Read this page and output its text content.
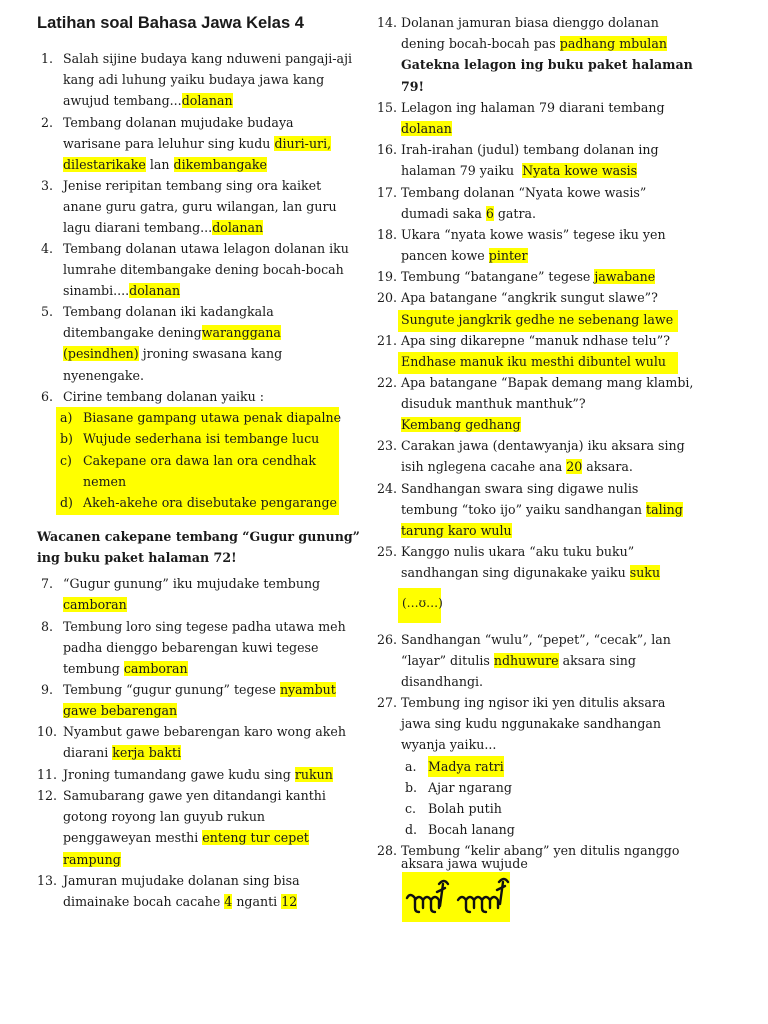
Latihan soal Bahasa Jawa Kelas 4
1. Salah sijine budaya kang nduweni pangaji-aji
kang adi luhung yaiku budaya jawa kang
awujud tembang...dolanan
2. Tembang dolanan mujudake budaya
warisane para leluhur sing kudu diuri-uri,
dilestarikake lan dikembangake
3. Jenise reripitan tembang sing ora kaiket
anane guru gatra, guru wilangan, lan guru
lagu diarani tembang...dolanan
4. Tembang dolanan utawa lelagon dolanan iku
lumrahe ditembangake dening bocah-bocah
sinambi....dolanan
5. Tembang dolanan iki kadangkala
ditembangake deningwaranggana
(pesindhen) jroning swasana kang
nyenengake.
6. Cirine tembang dolanan yaiku :
a) Biasane gampang utawa penak diapalne
b) Wujude sederhana isi tembange lucu
c) Cakepane ora dawa lan ora cendhak
nemen
d) Akeh-akehe ora disebutake pengarange
Wacanen cakepane tembang “Gugur gunung”
ing buku paket halaman 72!
7. “Gugur gunung” iku mujudake tembung
camboran
8. Tembung loro sing tegese padha utawa meh
padha dienggo bebarengan kuwi tegese
tembung camboran
9. Tembung “gugur gunung” tegese nyambut
gawe bebarengan
10. Nyambut gawe bebarengan karo wong akeh
diarani kerja bakti
11. Jroning tumandang gawe kudu sing rukun
12. Samubarang gawe yen ditandangi kanthi
gotong royong lan guyub rukun
penggaweyan mesthi enteng tur cepet
rampung
13. Jamuran mujudake dolanan sing bisa
dimainake bocah cacahe 4 nganti 12
14. Dolanan jamuran biasa dienggo dolanan
dening bocah-bocah pas padhang mbulan
Gatekna lelagon ing buku paket halaman
79!
15. Lelagon ing halaman 79 diarani tembang
dolanan
16. Irah-irahan (judul) tembang dolanan ing
halaman 79 yaiku  Nyata kowe wasis
17. Tembang dolanan “Nyata kowe wasis”
dumadi saka 6 gatra.
18. Ukara “nyata kowe wasis” tegese iku yen
pancen kowe pinter
19. Tembung “batangane” tegese jawabane
20. Apa batangane “angkrik sungut slawe”?
Sungute jangkrik gedhe ne sebenang lawe
21. Apa sing dikarepne “manuk ndhase telu”?
Endhase manuk iku mesthi dibuntel wulu
22. Apa batangane “Bapak demang mang klambi,
disuduk manthuk manthuk”?
Kembang gedhang
23. Carakan jawa (dentawyanja) iku aksara sing
isih nglegena cacahe ana 20 aksara.
24. Sandhangan swara sing digawe nulis
tembung “toko ijo” yaiku sandhangan taling
tarung karo wulu
25. Kanggo nulis ukara “aku tuku buku”
sandhangan sing digunakake yaiku suku
(…ʊ…)
26. Sandhangan “wulu”, “pepet”, “cecak”, lan
“layar” ditulis ndhuwure aksara sing
disandhangi.
27. Tembung ing ngisor iki yen ditulis aksara
jawa sing kudu nggunakake sandhangan
wyanja yaiku...
a. Madya ratri
b. Ajar ngarang
c. Bolah putih
d. Bocah lanang
28. Tembung “kelir abang” yen ditulis nganggo
aksara jawa wujude
